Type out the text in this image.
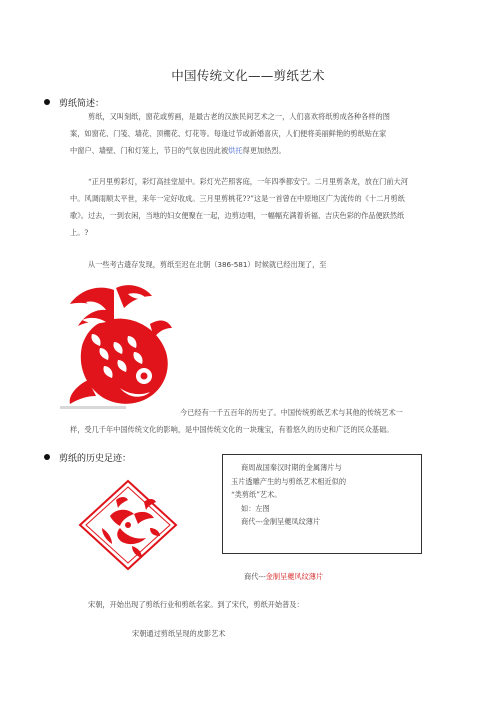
中国传统文化——剪纸艺术
剪纸简述：
剪纸，又叫刻纸，窗花或剪画，是最古老的汉族民间艺术之一，人们喜欢将纸剪成各种各样的图
案，如窗花、门笺、墙花、顶棚花、灯花等。每逢过节或新婚喜庆，人们便将美丽鲜艳的剪纸贴在家
中窗户、墙壁、门和灯笼上，节日的气氛也因此被烘托得更加热烈。
“正月里剪彩灯，彩灯高挂堂屋中。彩灯光芒照客庭，一年四季都安宁。二月里剪条龙，放在门前大河
中。风调雨顺太平世，来年一定好收成。三月里剪桃花??”这是一首曾在中原地区广为流传的《十二月剪纸
歌》。过去，一到农闲，当地的妇女便聚在一起，边剪边唱，一幅幅充满着祈福、吉庆色彩的作品便跃然纸
上。?
从一些考古遗存发现，剪纸至迟在北朝（386-581）时候就已经出现了，至
今已经有一千五百年的历史了。中国传统剪纸艺术与其他的传统艺术一
样，受几千年中国传统文化的影响，是中国传统文化的一块瑰宝，有着悠久的历史和广泛的民众基础。
剪纸的历史足迹：
商周战国秦汉时期的金属薄片与
玉片透雕产生的与剪纸艺术相近似的
“类剪纸”艺术。
如：左图
商代---金制呈夔凤纹薄片
商代---金制呈夔风纹薄片
宋朝，开始出现了剪纸行业和剪纸名家。到了宋代，剪纸开始普及：
宋朝通过剪纸呈现的皮影艺术
